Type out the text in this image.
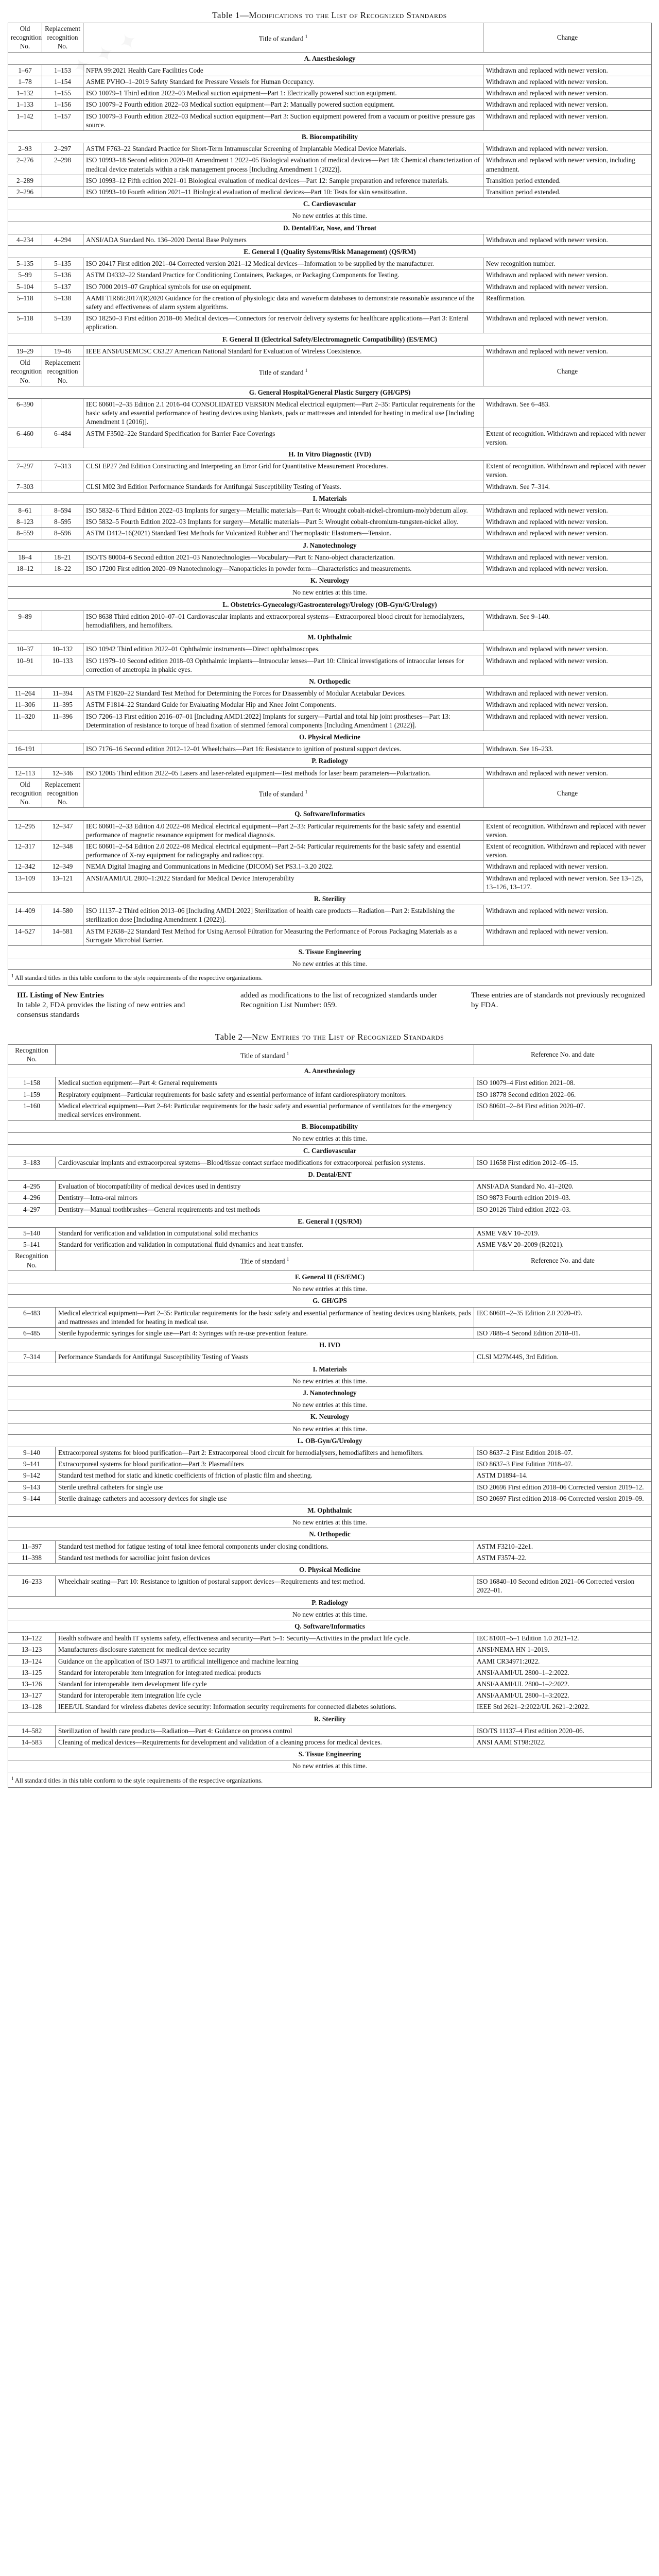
Table 1—Modifications to the List of Recognized Standards
Old recognition No.	Replacement recognition No.	Title of standard $^1$	Change
A. Anesthesiology			
1–67	1–153	NFPA 99:2021 Health Care Facilities Code	Withdrawn and replaced with newer version.
1–78	1–154	ASME PVHO–1–2019 Safety Standard for Pressure Vessels for Human Occupancy.	Withdrawn and replaced with newer version.
1–132	1–155	ISO 10079–1 Third edition 2022–03 Medical suction equipment—Part 1: Electrically powered suction equipment.	Withdrawn and replaced with newer version.
1–133	1–156	ISO 10079–2 Fourth edition 2022–03 Medical suction equipment—Part 2: Manually powered suction equipment.	Withdrawn and replaced with newer version.
1–142	1–157	ISO 10079–3 Fourth edition 2022–03 Medical suction equipment—Part 3: Suction equipment powered from a vacuum or positive pressure gas source.	Withdrawn and replaced with newer version.
B. Biocompatibility			
2–93	2–297	ASTM F763–22 Standard Practice for Short-Term Intramuscular Screening of Implantable Medical Device Materials.	Withdrawn and replaced with newer version.
2–276	2–298	ISO 10993–18 Second edition 2020–01 Amendment 1 2022–05 Biological evaluation of medical devices—Part 18: Chemical characterization of medical device materials within a risk management process [Including Amendment 1 (2022)].	Withdrawn and replaced with newer version, including amendment.
2–289		ISO 10993–12 Fifth edition 2021–01 Biological evaluation of medical devices—Part 12: Sample preparation and reference materials.	Transition period extended.
2–296		ISO 10993–10 Fourth edition 2021–11 Biological evaluation of medical devices—Part 10: Tests for skin sensitization.	Transition period extended.
C. Cardiovascular			
No new entries at this time.			
D. Dental/Ear, Nose, and Throat			
4–234	4–294	ANSI/ADA Standard No. 136–2020 Dental Base Polymers	Withdrawn and replaced with newer version.
E. General I (Quality Systems/Risk Management) (QS/RM)			
5–135	5–135	ISO 20417 First edition 2021–04 Corrected version 2021–12 Medical devices—Information to be supplied by the manufacturer.	New recognition number.
5–99	5–136	ASTM D4332–22 Standard Practice for Conditioning Containers, Packages, or Packaging Components for Testing.	Withdrawn and replaced with newer version.
5–104	5–137	ISO 7000 2019–07 Graphical symbols for use on equipment.	Withdrawn and replaced with newer version.
5–118	5–138	AAMI TIR66:2017/(R)2020 Guidance for the creation of physiologic data and waveform databases to demonstrate reasonable assurance of the safety and effectiveness of alarm system algorithms.	Reaffirmation.
5–118	5–139	ISO 18250–3 First edition 2018–06 Medical devices—Connectors for reservoir delivery systems for healthcare applications—Part 3: Enteral application.	Withdrawn and replaced with newer version.
F. General II (Electrical Safety/Electromagnetic Compatibility) (ES/EMC)			
19–29	19–46	IEEE ANSI/USEMCSC C63.27 American National Standard for Evaluation of Wireless Coexistence.	Withdrawn and replaced with newer version.
Old recognition No.	Replacement recognition No.	Title of standard $^1$	Change
G. General Hospital/General Plastic Surgery (GH/GPS)			
6–390		IEC 60601–2–35 Edition 2.1 2016–04 CONSOLIDATED VERSION Medical electrical equipment—Part 2–35: Particular requirements for the basic safety and essential performance of heating devices using blankets, pads or mattresses and intended for heating in medical use [Including Amendment 1 (2016)].	Withdrawn. See 6–483.
6–460	6–484	ASTM F3502–22e Standard Specification for Barrier Face Coverings	Extent of recognition. Withdrawn and replaced with newer version.
H. In Vitro Diagnostic (IVD)			
7–297	7–313	CLSI EP27 2nd Edition Constructing and Interpreting an Error Grid for Quantitative Measurement Procedures.	Extent of recognition. Withdrawn and replaced with newer version.
7–303		CLSI M02 3rd Edition Performance Standards for Antifungal Susceptibility Testing of Yeasts.	Withdrawn. See 7–314.
I. Materials			
8–61	8–594	ISO 5832–6 Third Edition 2022–03 Implants for surgery—Metallic materials—Part 6: Wrought cobalt-nickel-chromium-molybdenum alloy.	Withdrawn and replaced with newer version.
8–123	8–595	ISO 5832–5 Fourth Edition 2022–03 Implants for surgery—Metallic materials—Part 5: Wrought cobalt-chromium-tungsten-nickel alloy.	Withdrawn and replaced with newer version.
8–559	8–596	ASTM D412–16(2021) Standard Test Methods for Vulcanized Rubber and Thermoplastic Elastomers—Tension.	Withdrawn and replaced with newer version.
J. Nanotechnology			
18–4	18–21	ISO/TS 80004–6 Second edition 2021–03 Nanotechnologies—Vocabulary—Part 6: Nano-object characterization.	Withdrawn and replaced with newer version.
18–12	18–22	ISO 17200 First edition 2020–09 Nanotechnology—Nanoparticles in powder form—Characteristics and measurements.	Withdrawn and replaced with newer version.
K. Neurology			
No new entries at this time.			
L. Obstetrics-Gynecology/Gastroenterology/Urology (OB-Gyn/G/Urology)			
9–89		ISO 8638 Third edition 2010–07–01 Cardiovascular implants and extracorporeal systems—Extracorporeal blood circuit for hemodialyzers, hemodiafilters, and hemofilters.	Withdrawn. See 9–140.
M. Ophthalmic			
10–37	10–132	ISO 10942 Third edition 2022–01 Ophthalmic instruments—Direct ophthalmoscopes.	Withdrawn and replaced with newer version.
10–91	10–133	ISO 11979–10 Second edition 2018–03 Ophthalmic implants—Intraocular lenses—Part 10: Clinical investigations of intraocular lenses for correction of ametropia in phakic eyes.	Withdrawn and replaced with newer version.
N. Orthopedic			
11–264	11–394	ASTM F1820–22 Standard Test Method for Determining the Forces for Disassembly of Modular Acetabular Devices.	Withdrawn and replaced with newer version.
11–306	11–395	ASTM F1814–22 Standard Guide for Evaluating Modular Hip and Knee Joint Components.	Withdrawn and replaced with newer version.
11–320	11–396	ISO 7206–13 First edition 2016–07–01 [Including AMD1:2022] Implants for surgery—Partial and total hip joint prostheses—Part 13: Determination of resistance to torque of head fixation of stemmed femoral components [Including Amendment 1 (2022)].	Withdrawn and replaced with newer version.
O. Physical Medicine			
16–191		ISO 7176–16 Second edition 2012–12–01 Wheelchairs—Part 16: Resistance to ignition of postural support devices.	Withdrawn. See 16–233.
P. Radiology			
12–113	12–346	ISO 12005 Third edition 2022–05 Lasers and laser-related equipment—Test methods for laser beam parameters—Polarization.	Withdrawn and replaced with newer version.
Old recognition No.	Replacement recognition No.	Title of standard $^1$	Change
Q. Software/Informatics			
12–295	12–347	IEC 60601–2–33 Edition 4.0 2022–08 Medical electrical equipment—Part 2–33: Particular requirements for the basic safety and essential performance of magnetic resonance equipment for medical diagnosis.	Extent of recognition. Withdrawn and replaced with newer version.
12–317	12–348	IEC 60601–2–54 Edition 2.0 2022–08 Medical electrical equipment—Part 2–54: Particular requirements for the basic safety and essential performance of X-ray equipment for radiography and radioscopy.	Extent of recognition. Withdrawn and replaced with newer version.
12–342	12–349	NEMA Digital Imaging and Communications in Medicine (DICOM) Set PS3.1–3.20 2022.	Withdrawn and replaced with newer version.
13–109	13–121	ANSI/AAMI/UL 2800–1:2022 Standard for Medical Device Interoperability	Withdrawn and replaced with newer version. See 13–125, 13–126, 13–127.
R. Sterility			
14–409	14–580	ISO 11137–2 Third edition 2013–06 [Including AMD1:2022] Sterilization of health care products—Radiation—Part 2: Establishing the sterilization dose [Including Amendment 1 (2022)].	Withdrawn and replaced with newer version.
14–527	14–581	ASTM F2638–22 Standard Test Method for Using Aerosol Filtration for Measuring the Performance of Porous Packaging Materials as a Surrogate Microbial Barrier.	Withdrawn and replaced with newer version.
S. Tissue Engineering			
No new entries at this time.			
$^1$ All standard titles in this table conform to the style requirements of the respective organizations.			
III. Listing of New Entries
In table 2, FDA provides the listing of new entries and consensus standards
added as modifications to the list of recognized standards under Recognition List Number: 059.
These entries are of standards not previously recognized by FDA.
Table 2—New Entries to the List of Recognized Standards
Recognition No.	Title of standard $^1$	Reference No. and date
A. Anesthesiology		
1–158	Medical suction equipment—Part 4: General requirements	ISO 10079–4 First edition 2021–08.
1–159	Respiratory equipment—Particular requirements for basic safety and essential performance of infant cardiorespiratory monitors.	ISO 18778 Second edition 2022–06.
1–160	Medical electrical equipment—Part 2–84: Particular requirements for the basic safety and essential performance of ventilators for the emergency medical services environment.	ISO 80601–2–84 First edition 2020–07.
B. Biocompatibility		
No new entries at this time.		
C. Cardiovascular		
3–183	Cardiovascular implants and extracorporeal systems—Blood/tissue contact surface modifications for extracorporeal perfusion systems.	ISO 11658 First edition 2012–05–15.
D. Dental/ENT		
4–295	Evaluation of biocompatibility of medical devices used in dentistry	ANSI/ADA Standard No. 41–2020.
4–296	Dentistry—Intra-oral mirrors	ISO 9873 Fourth edition 2019–03.
4–297	Dentistry—Manual toothbrushes—General requirements and test methods	ISO 20126 Third edition 2022–03.
E. General I (QS/RM)		
5–140	Standard for verification and validation in computational solid mechanics	ASME V&V 10–2019.
5–141	Standard for verification and validation in computational fluid dynamics and heat transfer.	ASME V&V 20–2009 (R2021).
Recognition No.	Title of standard $^1$	Reference No. and date
F. General II (ES/EMC)		
No new entries at this time.		
G. GH/GPS		
6–483	Medical electrical equipment—Part 2–35: Particular requirements for the basic safety and essential performance of heating devices using blankets, pads and mattresses and intended for heating in medical use.	IEC 60601–2–35 Edition 2.0 2020–09.
6–485	Sterile hypodermic syringes for single use—Part 4: Syringes with re-use prevention feature.	ISO 7886–4 Second Edition 2018–01.
H. IVD		
7–314	Performance Standards for Antifungal Susceptibility Testing of Yeasts	CLSI M27M44S, 3rd Edition.
I. Materials		
No new entries at this time.		
J. Nanotechnology		
No new entries at this time.		
K. Neurology		
No new entries at this time.		
L. OB-Gyn/G/Urology		
9–140	Extracorporeal systems for blood purification—Part 2: Extracorporeal blood circuit for hemodialysers, hemodiafilters and hemofilters.	ISO 8637–2 First Edition 2018–07.
9–141	Extracorporeal systems for blood purification—Part 3: Plasmafilters	ISO 8637–3 First Edition 2018–07.
9–142	Standard test method for static and kinetic coefficients of friction of plastic film and sheeting.	ASTM D1894–14.
9–143	Sterile urethral catheters for single use	ISO 20696 First edition 2018–06 Corrected version 2019–12.
9–144	Sterile drainage catheters and accessory devices for single use	ISO 20697 First edition 2018–06 Corrected version 2019–09.
M. Ophthalmic		
No new entries at this time.		
N. Orthopedic		
11–397	Standard test method for fatigue testing of total knee femoral components under closing conditions.	ASTM F3210–22e1.
11–398	Standard test methods for sacroiliac joint fusion devices	ASTM F3574–22.
O. Physical Medicine		
16–233	Wheelchair seating—Part 10: Resistance to ignition of postural support devices—Requirements and test method.	ISO 16840–10 Second edition 2021–06 Corrected version 2022–01.
P. Radiology		
No new entries at this time.		
Q. Software/Informatics		
13–122	Health software and health IT systems safety, effectiveness and security—Part 5–1: Security—Activities in the product life cycle.	IEC 81001–5–1 Edition 1.0 2021–12.
13–123	Manufacturers disclosure statement for medical device security	ANSI/NEMA HN 1–2019.
13–124	Guidance on the application of ISO 14971 to artificial intelligence and machine learning	AAMI CR34971:2022.
13–125	Standard for interoperable item integration for integrated medical products	ANSI/AAMI/UL 2800–1–2:2022.
13–126	Standard for interoperable item development life cycle	ANSI/AAMI/UL 2800–1–2:2022.
13–127	Standard for interoperable item integration life cycle	ANSI/AAMI/UL 2800–1–3:2022.
13–128	IEEE/UL Standard for wireless diabetes device security: Information security requirements for connected diabetes solutions.	IEEE Std 2621–2:2022/UL 2621–2:2022.
R. Sterility		
14–582	Sterilization of health care products—Radiation—Part 4: Guidance on process control	ISO/TS 11137–4 First edition 2020–06.
14–583	Cleaning of medical devices—Requirements for development and validation of a cleaning process for medical devices.	ANSI AAMI ST98:2022.
S. Tissue Engineering		
No new entries at this time.		
$^1$ All standard titles in this table conform to the style requirements of the respective organizations.		
